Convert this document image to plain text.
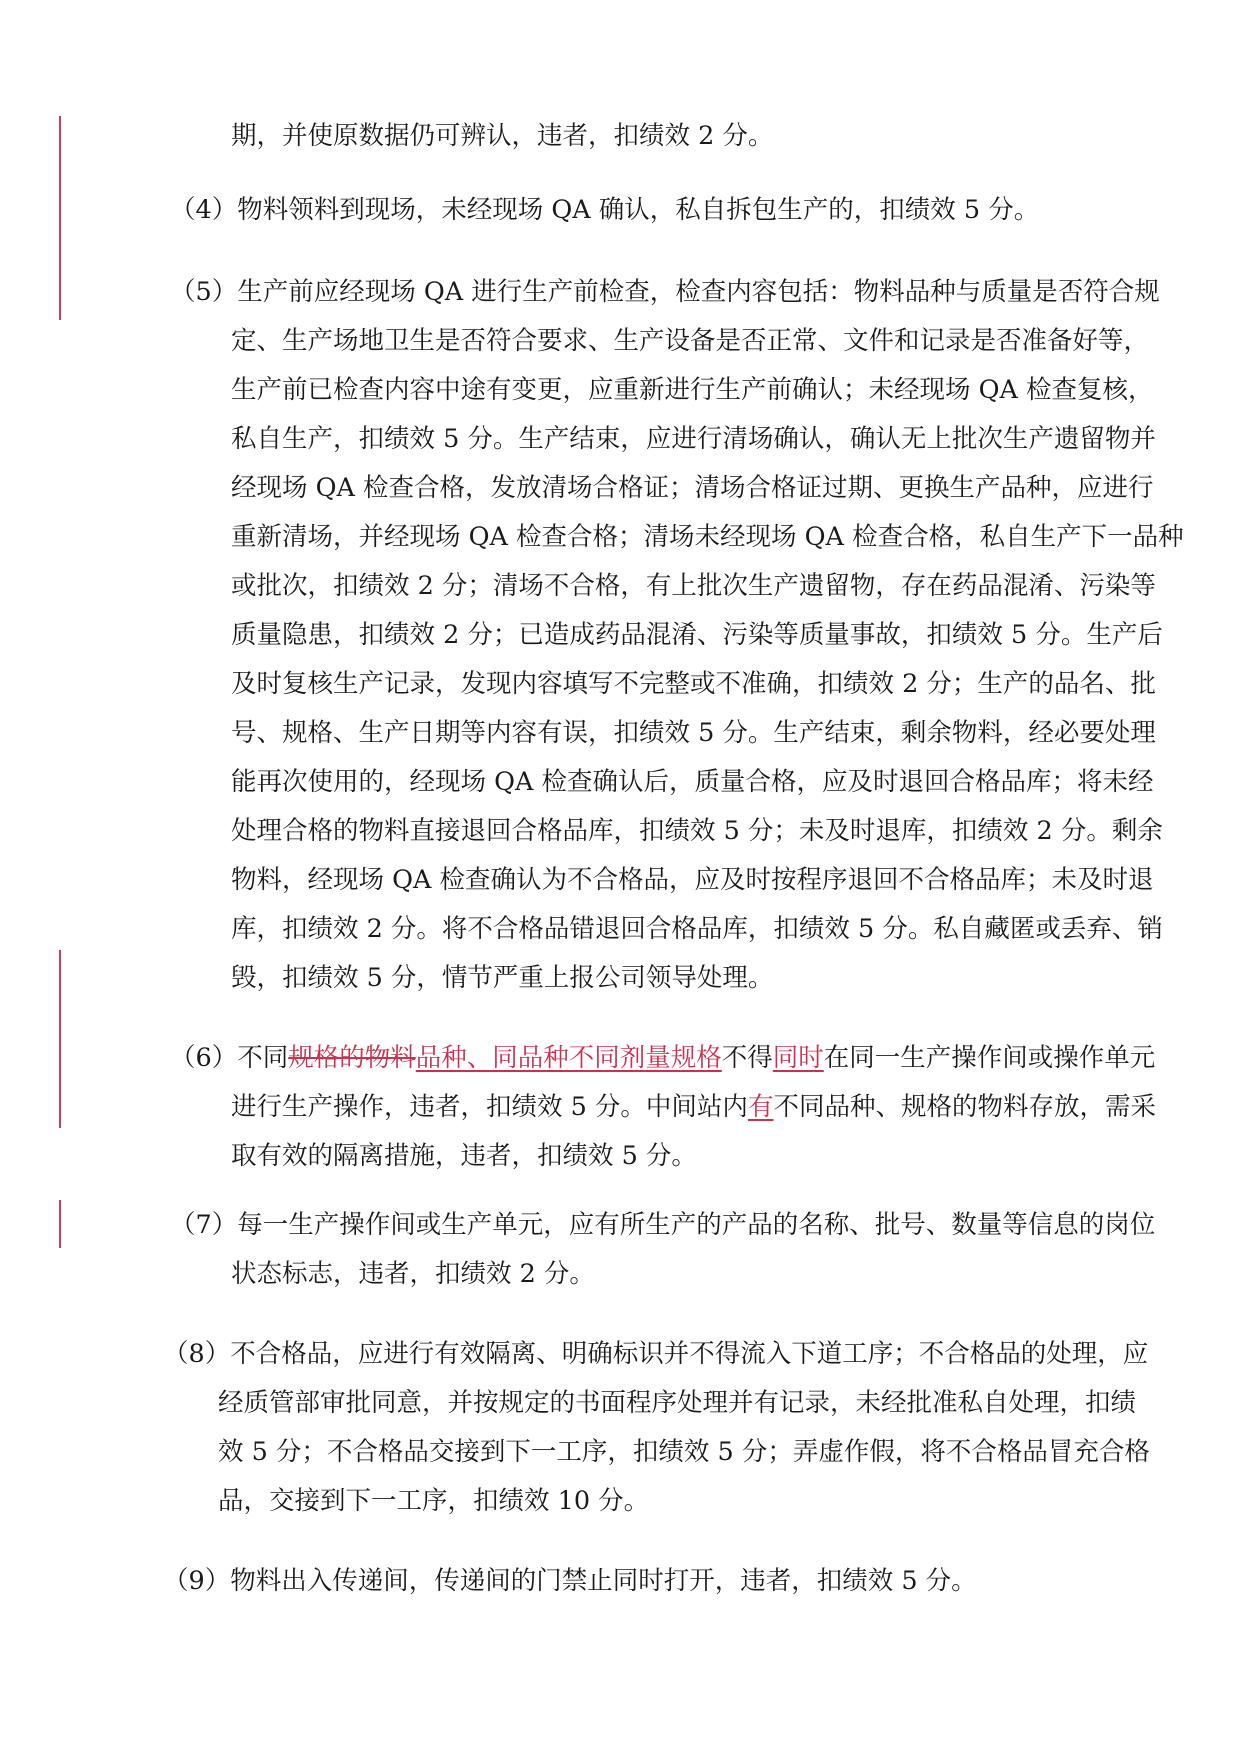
期，并使原数据仍可辨认，违者，扣绩效 2 分。
（4）物料领料到现场，未经现场 QA 确认，私自拆包生产的，扣绩效 5 分。
（5）生产前应经现场 QA 进行生产前检查，检查内容包括：物料品种与质量是否符合规
定、生产场地卫生是否符合要求、生产设备是否正常、文件和记录是否准备好等，
生产前已检查内容中途有变更，应重新进行生产前确认；未经现场 QA 检查复核，
私自生产，扣绩效 5 分。生产结束，应进行清场确认，确认无上批次生产遗留物并
经现场 QA 检查合格，发放清场合格证；清场合格证过期、更换生产品种，应进行
重新清场，并经现场 QA 检查合格；清场未经现场 QA 检查合格，私自生产下一品种
或批次，扣绩效 2 分；清场不合格，有上批次生产遗留物，存在药品混淆、污染等
质量隐患，扣绩效 2 分；已造成药品混淆、污染等质量事故，扣绩效 5 分。生产后
及时复核生产记录，发现内容填写不完整或不准确，扣绩效 2 分；生产的品名、批
号、规格、生产日期等内容有误，扣绩效 5 分。生产结束，剩余物料，经必要处理
能再次使用的，经现场 QA 检查确认后，质量合格，应及时退回合格品库；将未经
处理合格的物料直接退回合格品库，扣绩效 5 分；未及时退库，扣绩效 2 分。剩余
物料，经现场 QA 检查确认为不合格品，应及时按程序退回不合格品库；未及时退
库，扣绩效 2 分。将不合格品错退回合格品库，扣绩效 5 分。私自藏匿或丢弃、销
毁，扣绩效 5 分，情节严重上报公司领导处理。
（6）不同规格的物料品种、同品种不同剂量规格不得同时在同一生产操作间或操作单元
进行生产操作，违者，扣绩效 5 分。中间站内有不同品种、规格的物料存放，需采
取有效的隔离措施，违者，扣绩效 5 分。
（7）每一生产操作间或生产单元，应有所生产的产品的名称、批号、数量等信息的岗位
状态标志，违者，扣绩效 2 分。
（8）不合格品，应进行有效隔离、明确标识并不得流入下道工序；不合格品的处理，应
经质管部审批同意，并按规定的书面程序处理并有记录，未经批准私自处理，扣绩
效 5 分；不合格品交接到下一工序，扣绩效 5 分；弄虚作假，将不合格品冒充合格
品，交接到下一工序，扣绩效 10 分。
（9）物料出入传递间，传递间的门禁止同时打开，违者，扣绩效 5 分。
